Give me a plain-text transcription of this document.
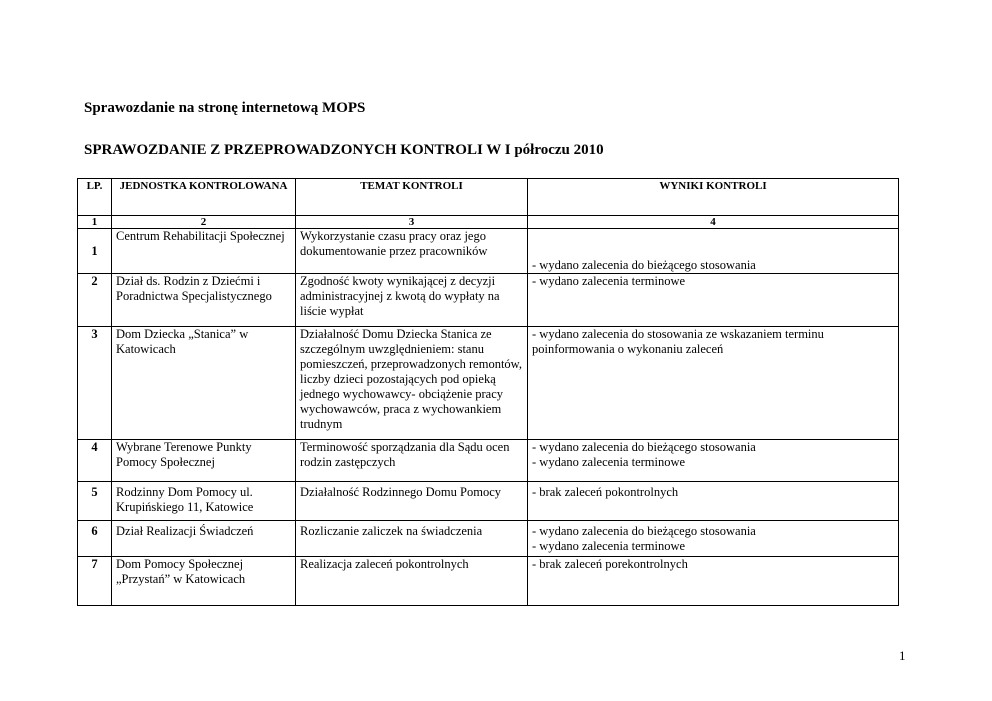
Sprawozdanie na stronę internetową MOPS

SPRAWOZDANIE Z PRZEPROWADZONYCH KONTROLI W I półroczu 2010

LP.	JEDNOSTKA KONTROLOWANA	TEMAT KONTROLI	WYNIKI KONTROLI
1	2	3	4
1	Centrum Rehabilitacji Społecznej	Wykorzystanie czasu pracy oraz jego dokumentowanie przez pracowników	- wydano zalecenia do bieżącego stosowania

2	Dział ds. Rodzin z Dziećmi i Poradnictwa Specjalistycznego	Zgodność kwoty wynikającej z decyzji administracyjnej z kwotą do wypłaty na liście wypłat	- wydano zalecenia terminowe

3	Dom Dziecka „Stanica” w Katowicach	Działalność Domu Dziecka Stanica ze szczególnym uwzględnieniem: stanu pomieszczeń, przeprowadzonych remontów, liczby dzieci pozostających pod opieką jednego wychowawcy- obciążenie pracy wychowawców, praca z wychowankiem trudnym	- wydano zalecenia do stosowania ze wskazaniem terminu poinformowania o wykonaniu zaleceń

4	Wybrane Terenowe Punkty Pomocy Społecznej	Terminowość sporządzania dla Sądu ocen rodzin zastępczych	- wydano zalecenia do bieżącego stosowania
- wydano zalecenia terminowe

5	Rodzinny Dom Pomocy ul. Krupińskiego 11, Katowice	Działalność Rodzinnego Domu Pomocy	- brak zaleceń pokontrolnych

6	Dział Realizacji Świadczeń	Rozliczanie zaliczek na świadczenia	- wydano zalecenia do bieżącego stosowania
- wydano zalecenia terminowe

7	Dom Pomocy Społecznej „Przystań” w Katowicach	Realizacja zaleceń pokontrolnych	- brak zaleceń porekontrolnych
1
